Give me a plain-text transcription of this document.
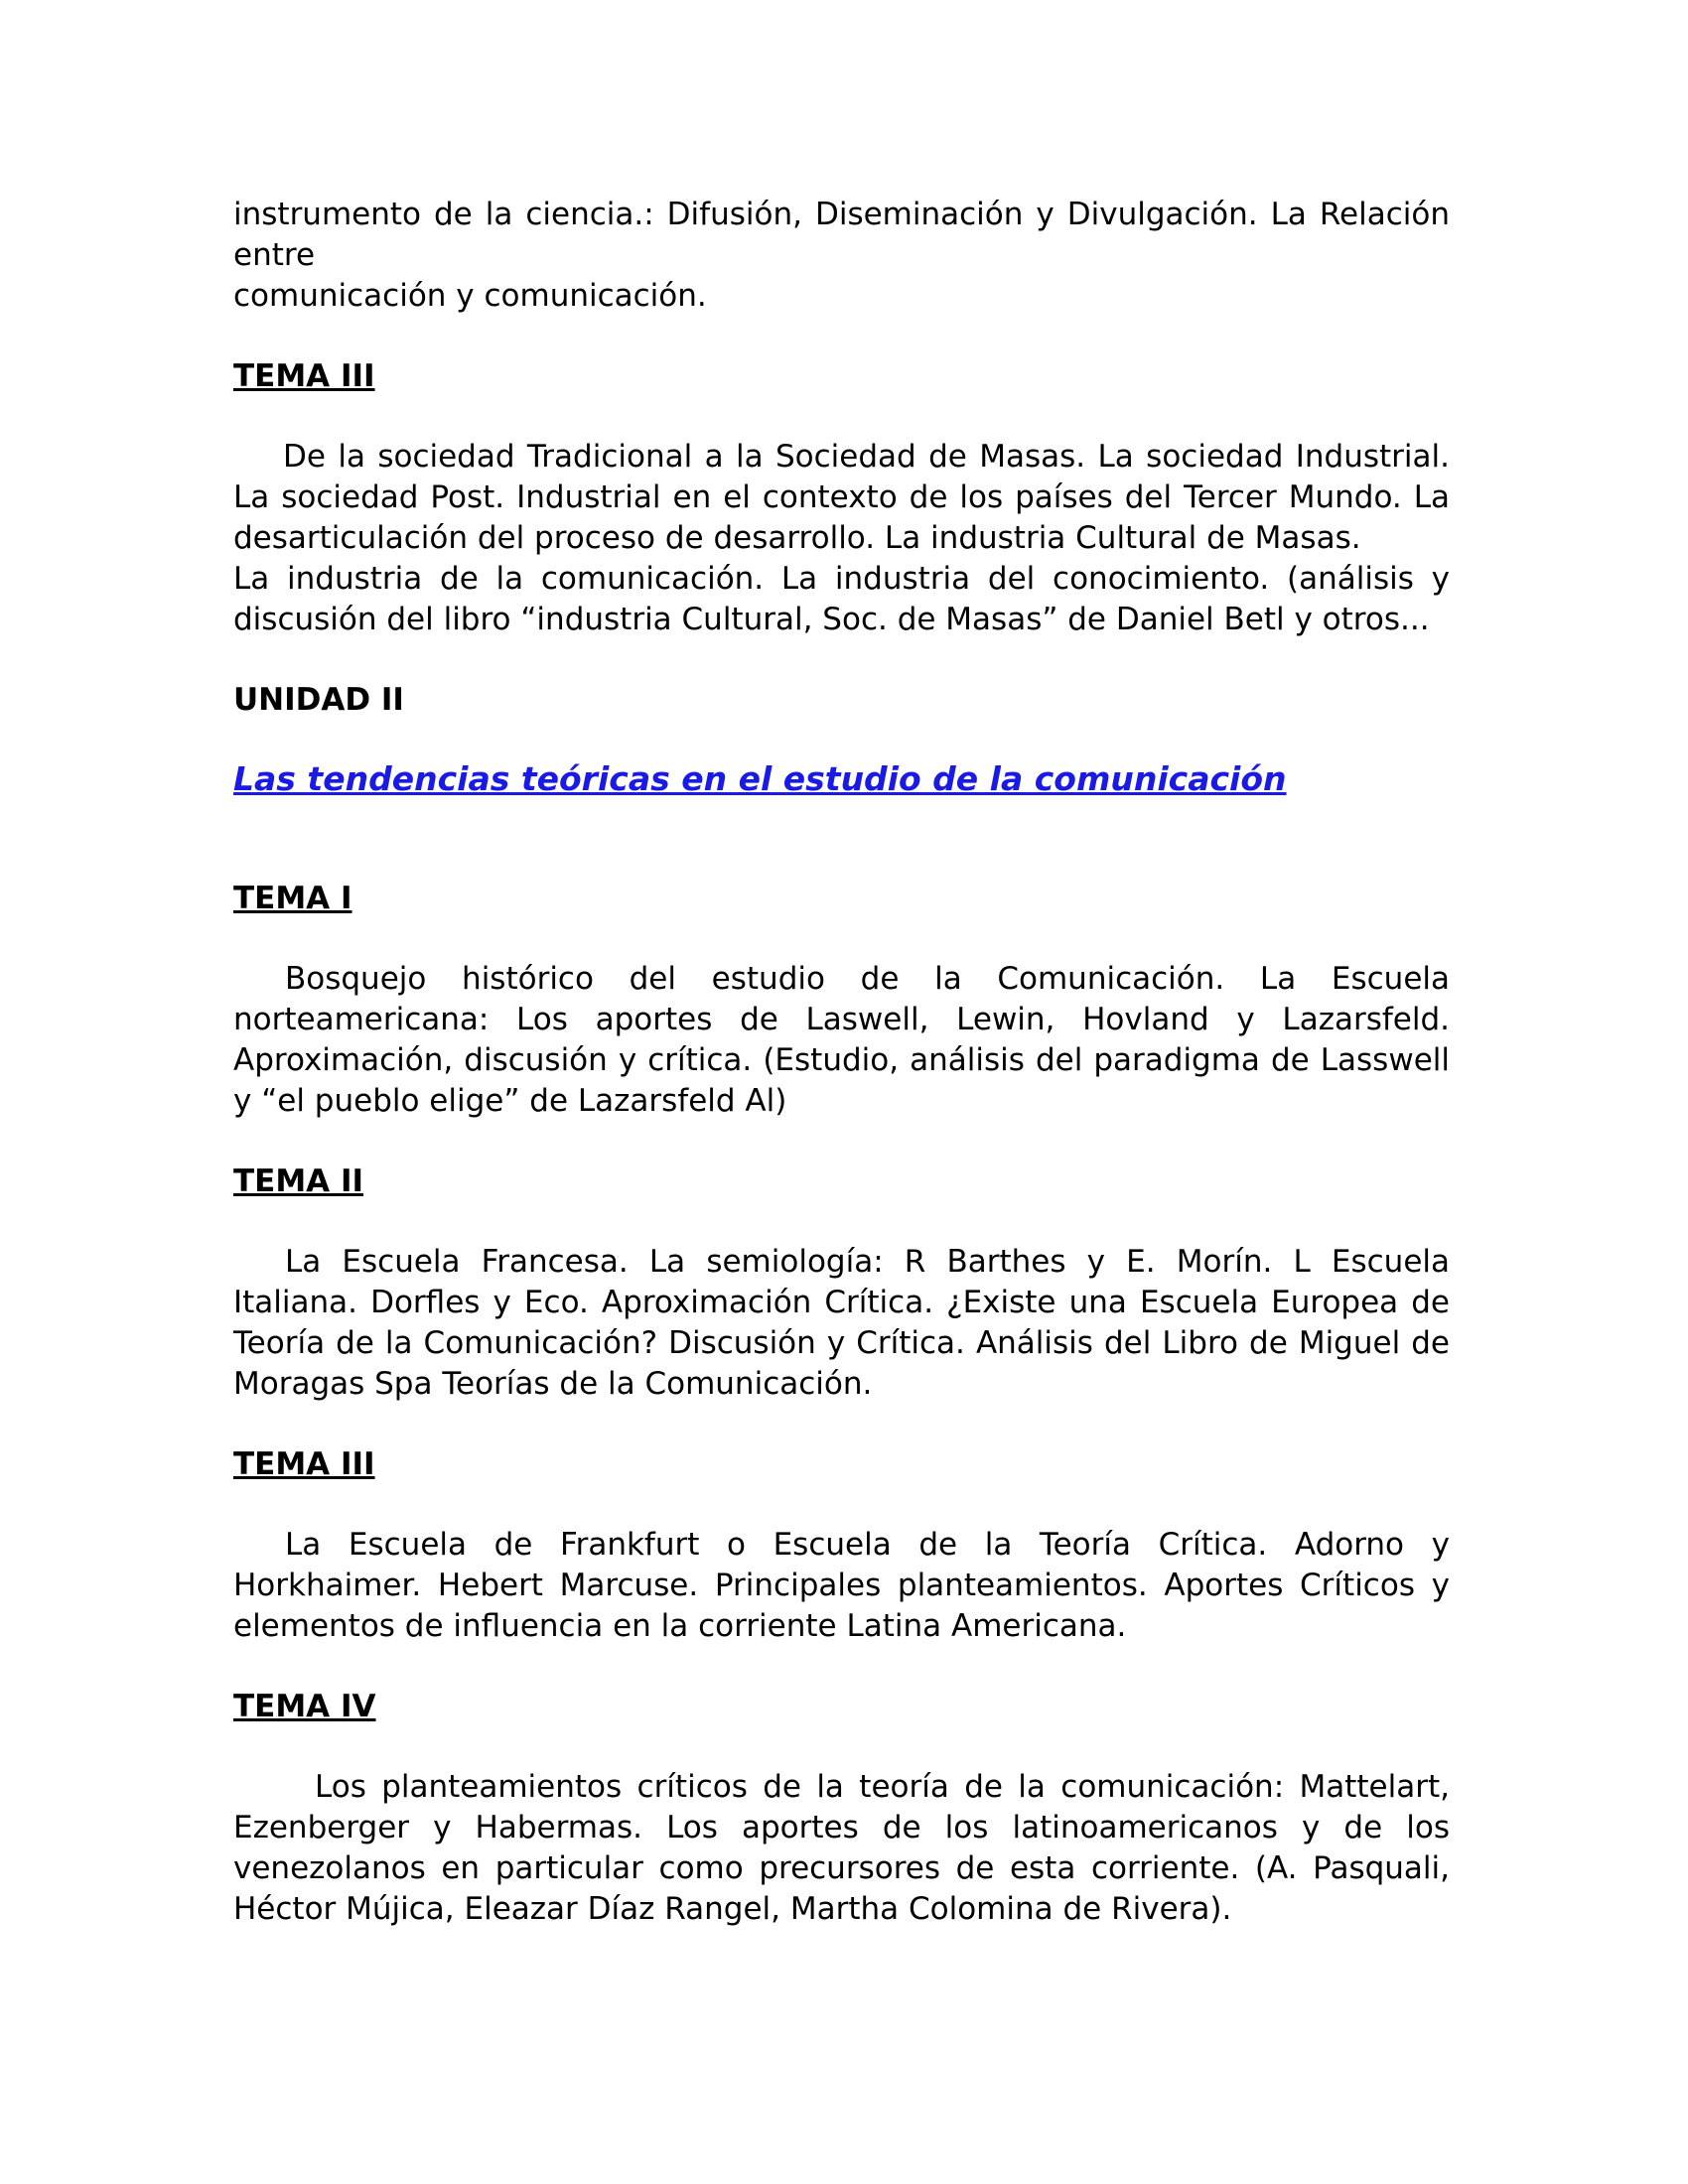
instrumento de la ciencia.: Difusión, Diseminación y Divulgación. La Relación entre
comunicación y comunicación.

TEMA III

De la sociedad Tradicional a la Sociedad de Masas. La sociedad Industrial. La sociedad Post. Industrial en el contexto de los países del Tercer Mundo. La desarticulación del proceso de desarrollo. La industria Cultural de Masas.

La industria de la comunicación. La industria del conocimiento. (análisis y discusión del libro “industria Cultural, Soc. de Masas” de Daniel Betl y otros...

UNIDAD II

Las tendencias teóricas en el estudio de la comunicación

TEMA I

Bosquejo histórico del estudio de la Comunicación. La Escuela norteamericana: Los aportes de Laswell, Lewin, Hovland y Lazarsfeld. Aproximación, discusión y crítica. (Estudio, análisis del paradigma de Lasswell y “el pueblo elige” de Lazarsfeld Al)

TEMA II

La Escuela Francesa. La semiología: R Barthes y E. Morín. L Escuela Italiana. Dorfles y Eco. Aproximación Crítica. ¿Existe una Escuela Europea de Teoría de la Comunicación? Discusión y Crítica. Análisis del Libro de Miguel de Moragas Spa Teorías de la Comunicación.

TEMA III

La Escuela de Frankfurt o Escuela de la Teoría Crítica. Adorno y Horkhaimer. Hebert Marcuse. Principales planteamientos. Aportes Críticos y elementos de influencia en la corriente Latina Americana.

TEMA IV

Los planteamientos críticos de la teoría de la comunicación: Mattelart, Ezenberger y Habermas. Los aportes de los latinoamericanos y de los venezolanos en particular como precursores de esta corriente. (A. Pasquali, Héctor Mújica, Eleazar Díaz Rangel, Martha Colomina de Rivera).
